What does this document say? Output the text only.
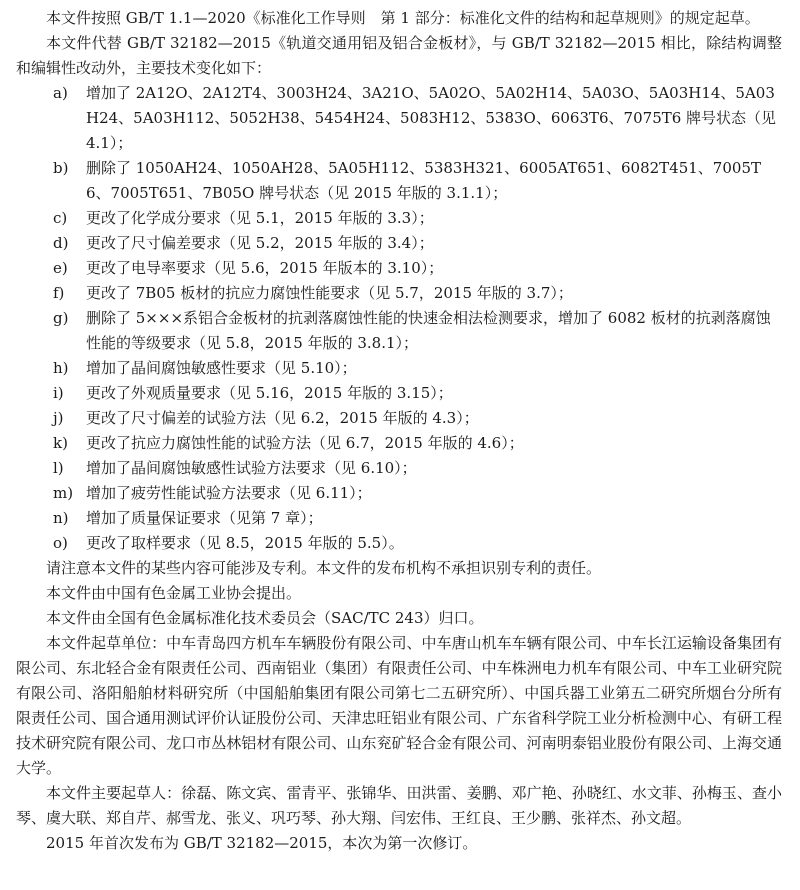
本文件按照 GB/T 1.1—2020《标准化工作导则　第 1 部分：标准化文件的结构和起草规则》的规定起草。

本文件代替 GB/T 32182—2015《轨道交通用铝及铝合金板材》，与 GB/T 32182—2015 相比，除结构调整和编辑性改动外，主要技术变化如下：

a)	增加了 2A12O、2A12T4、3003H24、3A21O、5A02O、5A02H14、5A03O、5A03H14、5A03H24、5A03H112、5052H38、5454H24、5083H12、5383O、6063T6、7075T6 牌号状态（见 4.1）；
b)	删除了 1050AH24、1050AH28、5A05H112、5383H321、6005AT651、6082T451、7005T6、7005T651、7B05O 牌号状态（见 2015 年版的 3.1.1）；
c)	更改了化学成分要求（见 5.1，2015 年版的 3.3）；
d)	更改了尺寸偏差要求（见 5.2，2015 年版的 3.4）；
e)	更改了电导率要求（见 5.6，2015 年版本的 3.10）；
f)	更改了 7B05 板材的抗应力腐蚀性能要求（见 5.7，2015 年版的 3.7）；
g)	删除了 5×××系铝合金板材的抗剥落腐蚀性能的快速金相法检测要求，增加了 6082 板材的抗剥落腐蚀性能的等级要求（见 5.8，2015 年版的 3.8.1）；
h)	增加了晶间腐蚀敏感性要求（见 5.10）；
i)	更改了外观质量要求（见 5.16，2015 年版的 3.15）；
j)	更改了尺寸偏差的试验方法（见 6.2，2015 年版的 4.3）；
k)	更改了抗应力腐蚀性能的试验方法（见 6.7，2015 年版的 4.6）；
l)	增加了晶间腐蚀敏感性试验方法要求（见 6.10）；
m) 增加了疲劳性能试验方法要求（见 6.11）；
n)	增加了质量保证要求（见第 7 章）；
o)	更改了取样要求（见 8.5，2015 年版的 5.5）。

请注意本文件的某些内容可能涉及专利。本文件的发布机构不承担识别专利的责任。

本文件由中国有色金属工业协会提出。

本文件由全国有色金属标准化技术委员会（SAC/TC 243）归口。

本文件起草单位：中车青岛四方机车车辆股份有限公司、中车唐山机车车辆有限公司、中车长江运输设备集团有限公司、东北轻合金有限责任公司、西南铝业（集团）有限责任公司、中车株洲电力机车有限公司、中车工业研究院有限公司、洛阳船舶材料研究所（中国船舶集团有限公司第七二五研究所）、中国兵器工业第五二研究所烟台分所有限责任公司、国合通用测试评价认证股份公司、天津忠旺铝业有限公司、广东省科学院工业分析检测中心、有研工程技术研究院有限公司、龙口市丛林铝材有限公司、山东兖矿轻合金有限公司、河南明泰铝业股份有限公司、上海交通大学。

本文件主要起草人：徐磊、陈文宾、雷青平、张锦华、田洪雷、姜鹏、邓广艳、孙晓红、水文菲、孙梅玉、查小琴、虞大联、郑自芹、郝雪龙、张义、巩巧琴、孙大翔、闫宏伟、王红良、王少鹏、张祥杰、孙文超。

2015 年首次发布为 GB/T 32182—2015，本次为第一次修订。
